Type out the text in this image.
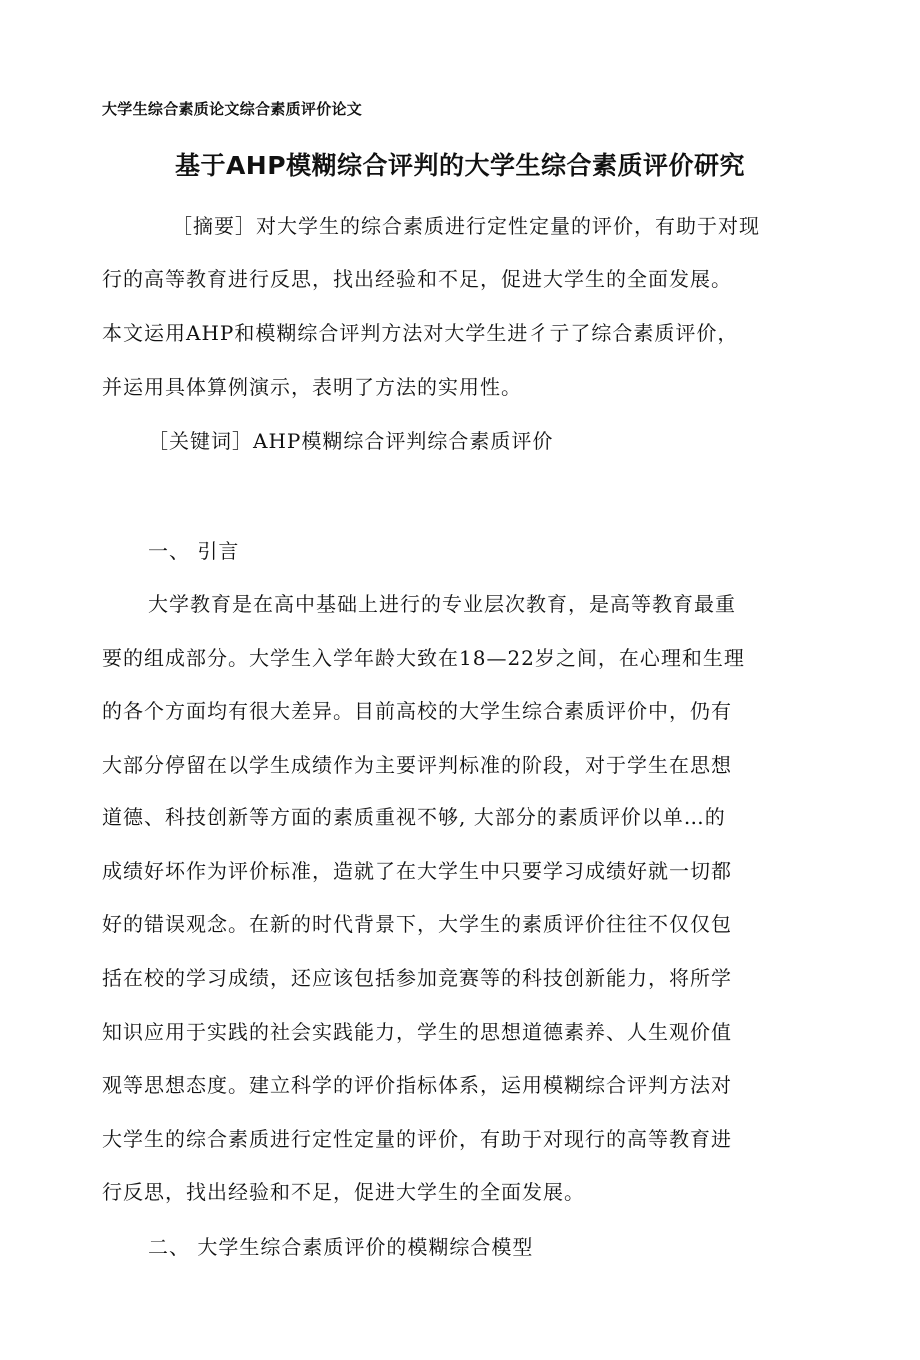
大学生综合素质论文综合素质评价论文
基于AHP模糊综合评判的大学生综合素质评价研究
［摘要］对大学生的综合素质进行定性定量的评价，有助于对现
行的高等教育进行反思，找出经验和不足，促进大学生的全面发展。
本文运用AHP和模糊综合评判方法对大学生进彳亍了综合素质评价，
并运用具体算例演示，表明了方法的实用性。
［关键词］AHP模糊综合评判综合素质评价
一、 引言
大学教育是在高中基础上进行的专业层次教育，是高等教育最重
要的组成部分。大学生入学年龄大致在18—22岁之间，在心理和生理
的各个方面均有很大差异。目前高校的大学生综合素质评价中，仍有
大部分停留在以学生成绩作为主要评判标准的阶段，对于学生在思想
道德、科技创新等方面的素质重视不够, 大部分的素质评价以单…的
成绩好坏作为评价标准，造就了在大学生中只要学习成绩好就一切都
好的错误观念。在新的时代背景下，大学生的素质评价往往不仅仅包
括在校的学习成绩，还应该包括参加竞赛等的科技创新能力，将所学
知识应用于实践的社会实践能力，学生的思想道德素养、人生观价值
观等思想态度。建立科学的评价指标体系，运用模糊综合评判方法对
大学生的综合素质进行定性定量的评价，有助于对现行的高等教育进
行反思，找出经验和不足，促进大学生的全面发展。
二、 大学生综合素质评价的模糊综合模型
